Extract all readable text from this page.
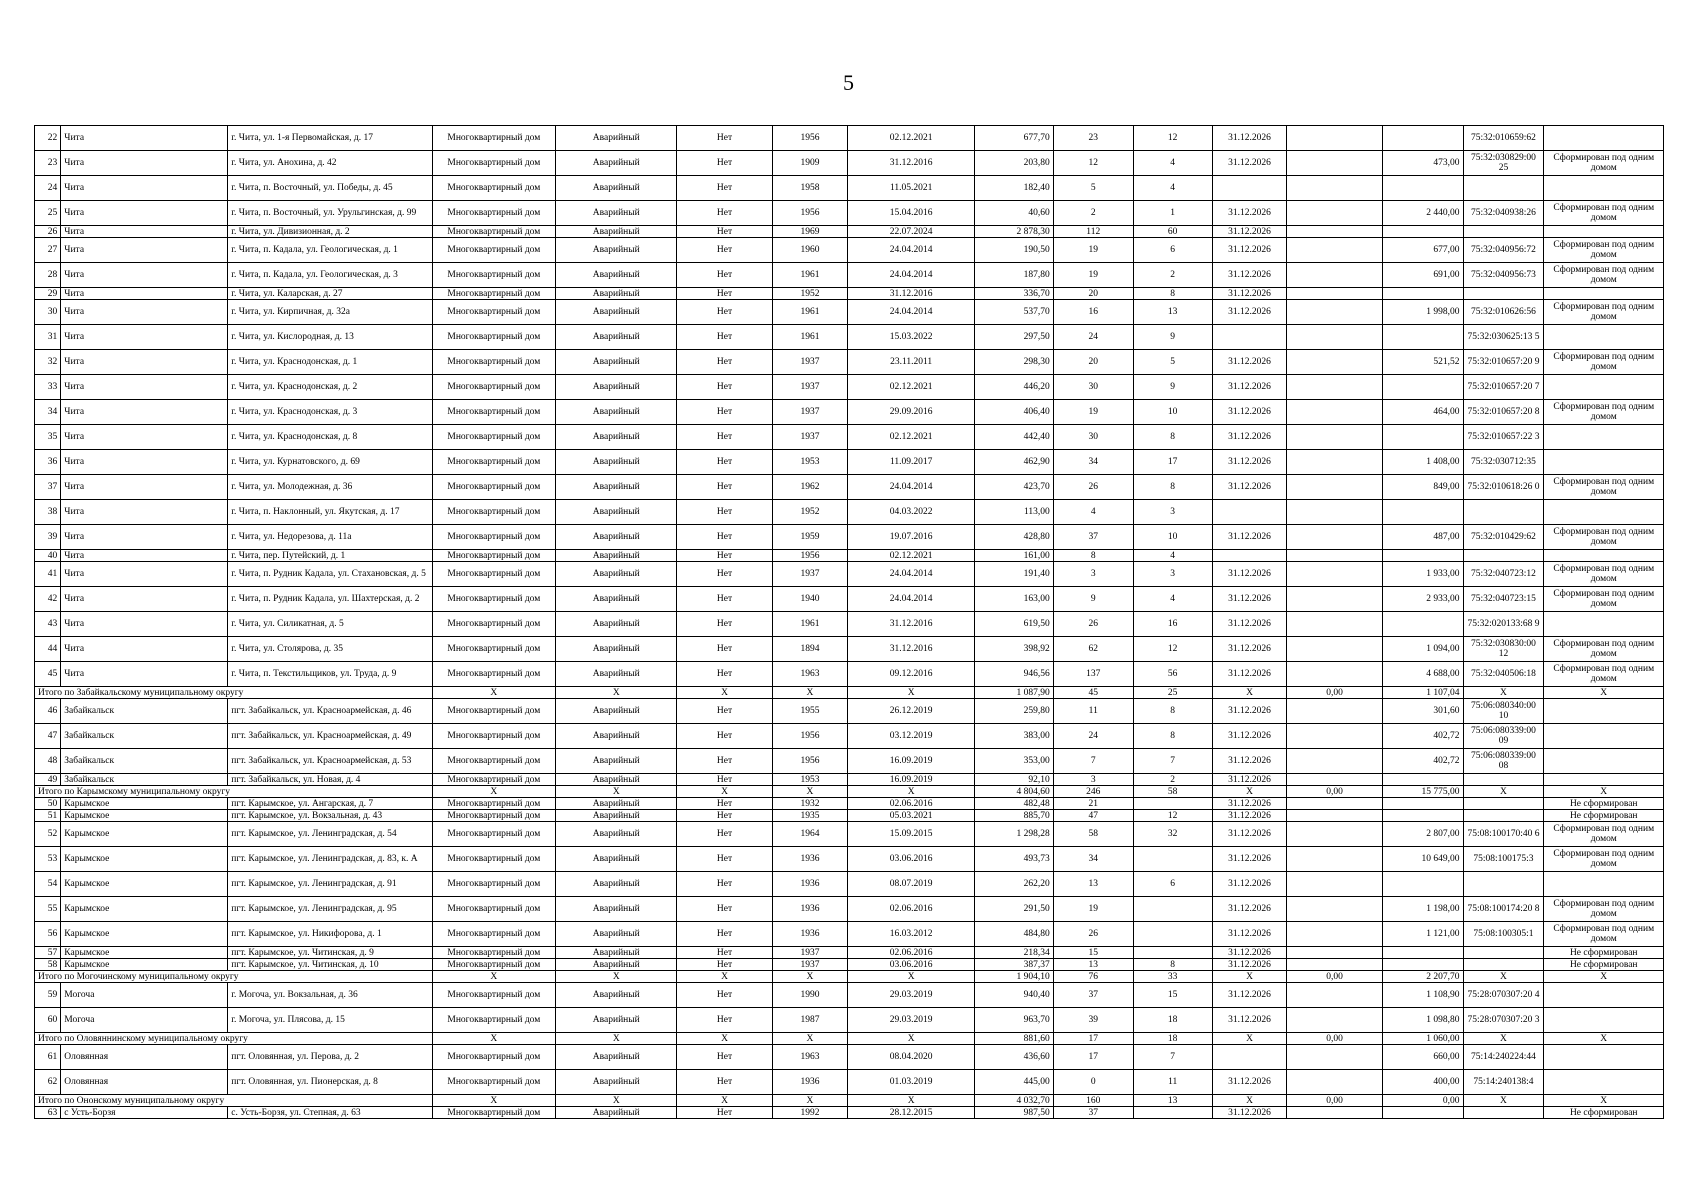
5
22	Чита	г. Чита, ул. 1-я Первомайская, д. 17	Многоквартирный дом	Аварийный	Нет	1956	02.12.2021	677,70	23	12	31.12.2026			75:32:010659:62	
23	Чита	г. Чита, ул. Анохина, д. 42	Многоквартирный дом	Аварийный	Нет	1909	31.12.2016	203,80	12	4	31.12.2026		473,00	75:32:030829:00 25	Сформирован под одним домом
24	Чита	г. Чита, п. Восточный, ул. Победы, д. 45	Многоквартирный дом	Аварийный	Нет	1958	11.05.2021	182,40	5	4					
25	Чита	г. Чита, п. Восточный, ул. Урульгинская, д. 99	Многоквартирный дом	Аварийный	Нет	1956	15.04.2016	40,60	2	1	31.12.2026		2 440,00	75:32:040938:26	Сформирован под одним домом
26	Чита	г. Чита, ул. Дивизионная, д. 2	Многоквартирный дом	Аварийный	Нет	1969	22.07.2024	2 878,30	112	60	31.12.2026				
27	Чита	г. Чита, п. Кадала, ул. Геологическая, д. 1	Многоквартирный дом	Аварийный	Нет	1960	24.04.2014	190,50	19	6	31.12.2026		677,00	75:32:040956:72	Сформирован под одним домом
28	Чита	г. Чита, п. Кадала, ул. Геологическая, д. 3	Многоквартирный дом	Аварийный	Нет	1961	24.04.2014	187,80	19	2	31.12.2026		691,00	75:32:040956:73	Сформирован под одним домом
29	Чита	г. Чита, ул. Каларская, д. 27	Многоквартирный дом	Аварийный	Нет	1952	31.12.2016	336,70	20	8	31.12.2026				
30	Чита	г. Чита, ул. Кирпичная, д. 32а	Многоквартирный дом	Аварийный	Нет	1961	24.04.2014	537,70	16	13	31.12.2026		1 998,00	75:32:010626:56	Сформирован под одним домом
31	Чита	г. Чита, ул. Кислородная, д. 13	Многоквартирный дом	Аварийный	Нет	1961	15.03.2022	297,50	24	9				75:32:030625:13 5	
32	Чита	г. Чита, ул. Краснодонская, д. 1	Многоквартирный дом	Аварийный	Нет	1937	23.11.2011	298,30	20	5	31.12.2026		521,52	75:32:010657:20 9	Сформирован под одним домом
33	Чита	г. Чита, ул. Краснодонская, д. 2	Многоквартирный дом	Аварийный	Нет	1937	02.12.2021	446,20	30	9	31.12.2026			75:32:010657:20 7	
34	Чита	г. Чита, ул. Краснодонская, д. 3	Многоквартирный дом	Аварийный	Нет	1937	29.09.2016	406,40	19	10	31.12.2026		464,00	75:32:010657:20 8	Сформирован под одним домом
35	Чита	г. Чита, ул. Краснодонская, д. 8	Многоквартирный дом	Аварийный	Нет	1937	02.12.2021	442,40	30	8	31.12.2026			75:32:010657:22 3	
36	Чита	г. Чита, ул. Курнатовского, д. 69	Многоквартирный дом	Аварийный	Нет	1953	11.09.2017	462,90	34	17	31.12.2026		1 408,00	75:32:030712:35	
37	Чита	г. Чита, ул. Молодежная, д. 36	Многоквартирный дом	Аварийный	Нет	1962	24.04.2014	423,70	26	8	31.12.2026		849,00	75:32:010618:26 0	Сформирован под одним домом
38	Чита	г. Чита, п. Наклонный, ул. Якутская, д. 17	Многоквартирный дом	Аварийный	Нет	1952	04.03.2022	113,00	4	3					
39	Чита	г. Чита, ул. Недорезова, д. 11а	Многоквартирный дом	Аварийный	Нет	1959	19.07.2016	428,80	37	10	31.12.2026		487,00	75:32:010429:62	Сформирован под одним домом
40	Чита	г. Чита, пер. Путейский, д. 1	Многоквартирный дом	Аварийный	Нет	1956	02.12.2021	161,00	8	4					
41	Чита	г. Чита, п. Рудник Кадала, ул. Стахановская, д. 5	Многоквартирный дом	Аварийный	Нет	1937	24.04.2014	191,40	3	3	31.12.2026		1 933,00	75:32:040723:12	Сформирован под одним домом
42	Чита	г. Чита, п. Рудник Кадала, ул. Шахтерская, д. 2	Многоквартирный дом	Аварийный	Нет	1940	24.04.2014	163,00	9	4	31.12.2026		2 933,00	75:32:040723:15	Сформирован под одним домом
43	Чита	г. Чита, ул. Силикатная, д. 5	Многоквартирный дом	Аварийный	Нет	1961	31.12.2016	619,50	26	16	31.12.2026			75:32:020133:68 9	
44	Чита	г. Чита, ул. Столярова, д. 35	Многоквартирный дом	Аварийный	Нет	1894	31.12.2016	398,92	62	12	31.12.2026		1 094,00	75:32:030830:00 12	Сформирован под одним домом
45	Чита	г. Чита, п. Текстильщиков, ул. Труда, д. 9	Многоквартирный дом	Аварийный	Нет	1963	09.12.2016	946,56	137	56	31.12.2026		4 688,00	75:32:040506:18	Сформирован под одним домом
Итого по Забайкальскому муниципальному округу			X	X	X	X	X	1 087,90	45	25	X	0,00	1 107,04	X	X
46	Забайкальск	пгт. Забайкальск, ул. Красноармейская, д. 46	Многоквартирный дом	Аварийный	Нет	1955	26.12.2019	259,80	11	8	31.12.2026		301,60	75:06:080340:00 10	
47	Забайкальск	пгт. Забайкальск, ул. Красноармейская, д. 49	Многоквартирный дом	Аварийный	Нет	1956	03.12.2019	383,00	24	8	31.12.2026		402,72	75:06:080339:00 09	
48	Забайкальск	пгт. Забайкальск, ул. Красноармейская, д. 53	Многоквартирный дом	Аварийный	Нет	1956	16.09.2019	353,00	7	7	31.12.2026		402,72	75:06:080339:00 08	
49	Забайкальск	пгт. Забайкальск, ул. Новая, д. 4	Многоквартирный дом	Аварийный	Нет	1953	16.09.2019	92,10	3	2	31.12.2026				
Итого по Карымскому муниципальному округу			X	X	X	X	X	4 804,60	246	58	X	0,00	15 775,00	X	X
50	Карымское	пгт. Карымское, ул. Ангарская, д. 7	Многоквартирный дом	Аварийный	Нет	1932	02.06.2016	482,48	21		31.12.2026				Не сформирован
51	Карымское	пгт. Карымское, ул. Вокзальная, д. 43	Многоквартирный дом	Аварийный	Нет	1935	05.03.2021	885,70	47	12	31.12.2026				Не сформирован
52	Карымское	пгт. Карымское, ул. Ленинградская, д. 54	Многоквартирный дом	Аварийный	Нет	1964	15.09.2015	1 298,28	58	32	31.12.2026		2 807,00	75:08:100170:40 6	Сформирован под одним домом
53	Карымское	пгт. Карымское, ул. Ленинградская, д. 83, к. А	Многоквартирный дом	Аварийный	Нет	1936	03.06.2016	493,73	34		31.12.2026		10 649,00	75:08:100175:3	Сформирован под одним домом
54	Карымское	пгт. Карымское, ул. Ленинградская, д. 91	Многоквартирный дом	Аварийный	Нет	1936	08.07.2019	262,20	13	6	31.12.2026				
55	Карымское	пгт. Карымское, ул. Ленинградская, д. 95	Многоквартирный дом	Аварийный	Нет	1936	02.06.2016	291,50	19		31.12.2026		1 198,00	75:08:100174:20 8	Сформирован под одним домом
56	Карымское	пгт. Карымское, ул. Никифорова, д. 1	Многоквартирный дом	Аварийный	Нет	1936	16.03.2012	484,80	26		31.12.2026		1 121,00	75:08:100305:1	Сформирован под одним домом
57	Карымское	пгт. Карымское, ул. Читинская, д. 9	Многоквартирный дом	Аварийный	Нет	1937	02.06.2016	218,34	15		31.12.2026				Не сформирован
58	Карымское	пгт. Карымское, ул. Читинская, д. 10	Многоквартирный дом	Аварийный	Нет	1937	03.06.2016	387,37	13	8	31.12.2026				Не сформирован
Итого по Могочинскому муниципальному округу			X	X	X	X	X	1 904,10	76	33	X	0,00	2 207,70	X	X
59	Могоча	г. Могоча, ул. Вокзальная, д. 36	Многоквартирный дом	Аварийный	Нет	1990	29.03.2019	940,40	37	15	31.12.2026		1 108,90	75:28:070307:20 4	
60	Могоча	г. Могоча, ул. Плясова, д. 15	Многоквартирный дом	Аварийный	Нет	1987	29.03.2019	963,70	39	18	31.12.2026		1 098,80	75:28:070307:20 3	
Итого по Оловяннинскому муниципальному округу			X	X	X	X	X	881,60	17	18	X	0,00	1 060,00	X	X
61	Оловянная	пгт. Оловянная, ул. Перова, д. 2	Многоквартирный дом	Аварийный	Нет	1963	08.04.2020	436,60	17	7			660,00	75:14:240224:44	
62	Оловянная	пгт. Оловянная, ул. Пионерская, д. 8	Многоквартирный дом	Аварийный	Нет	1936	01.03.2019	445,00	0	11	31.12.2026		400,00	75:14:240138:4	
Итого по Ононскому муниципальному округу			X	X	X	X	X	4 032,70	160	13	X	0,00	0,00	X	X
63	с Усть-Борзя	с. Усть-Борзя, ул. Степная, д. 63	Многоквартирный дом	Аварийный	Нет	1992	28.12.2015	987,50	37		31.12.2026				Не сформирован
